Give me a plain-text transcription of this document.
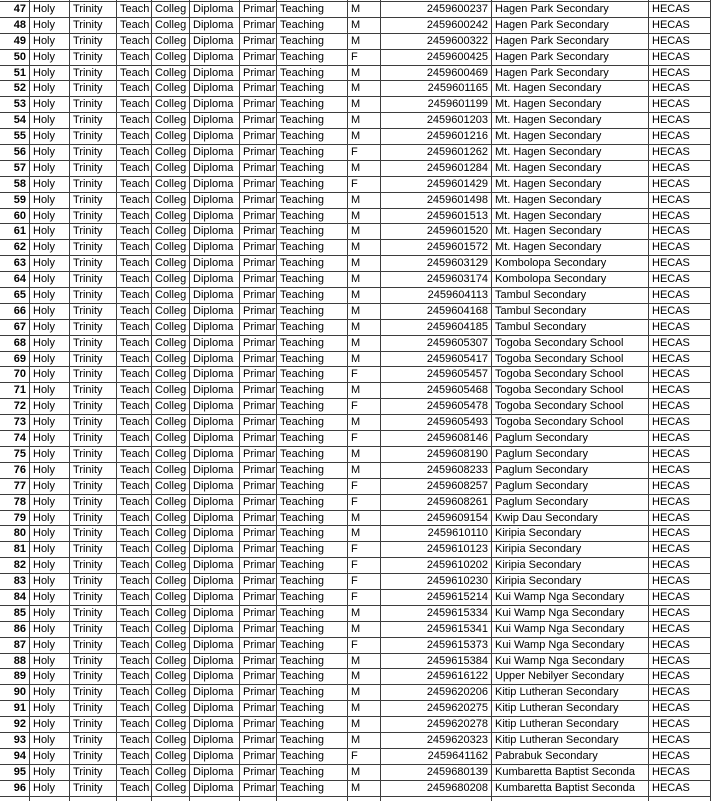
47 Holy	Trinity	Teach Colleg Diploma Primar Teaching	M	2459600237 Hagen Park Secondary	HECAS
48 Holy	Trinity	Teach Colleg Diploma Primar Teaching	M	2459600242 Hagen Park Secondary	HECAS
49 Holy	Trinity	Teach Colleg Diploma Primar Teaching	M	2459600322 Hagen Park Secondary	HECAS
50 Holy	Trinity	Teach Colleg Diploma Primar Teaching	F	2459600425 Hagen Park Secondary	HECAS
51 Holy	Trinity	Teach Colleg Diploma Primar Teaching	M	2459600469 Hagen Park Secondary	HECAS
52 Holy	Trinity	Teach Colleg Diploma Primar Teaching	M	2459601165 Mt. Hagen Secondary	HECAS
53 Holy	Trinity	Teach Colleg Diploma Primar Teaching	M	2459601199 Mt. Hagen Secondary	HECAS
54 Holy	Trinity	Teach Colleg Diploma Primar Teaching	M	2459601203 Mt. Hagen Secondary	HECAS
55 Holy	Trinity	Teach Colleg Diploma Primar Teaching	M	2459601216 Mt. Hagen Secondary	HECAS
56 Holy	Trinity	Teach Colleg Diploma Primar Teaching	F	2459601262 Mt. Hagen Secondary	HECAS
57 Holy	Trinity	Teach Colleg Diploma Primar Teaching	M	2459601284 Mt. Hagen Secondary	HECAS
58 Holy	Trinity	Teach Colleg Diploma Primar Teaching	F	2459601429 Mt. Hagen Secondary	HECAS
59 Holy	Trinity	Teach Colleg Diploma Primar Teaching	M	2459601498 Mt. Hagen Secondary	HECAS
60 Holy	Trinity	Teach Colleg Diploma Primar Teaching	M	2459601513 Mt. Hagen Secondary	HECAS
61 Holy	Trinity	Teach Colleg Diploma Primar Teaching	M	2459601520 Mt. Hagen Secondary	HECAS
62 Holy	Trinity	Teach Colleg Diploma Primar Teaching	M	2459601572 Mt. Hagen Secondary	HECAS
63 Holy	Trinity	Teach Colleg Diploma Primar Teaching	M	2459603129 Kombolopa Secondary	HECAS
64 Holy	Trinity	Teach Colleg Diploma Primar Teaching	M	2459603174 Kombolopa Secondary	HECAS
65 Holy	Trinity	Teach Colleg Diploma Primar Teaching	M	2459604113 Tambul Secondary	HECAS
66 Holy	Trinity	Teach Colleg Diploma Primar Teaching	M	2459604168 Tambul Secondary	HECAS
67 Holy	Trinity	Teach Colleg Diploma Primar Teaching	M	2459604185 Tambul Secondary	HECAS
68 Holy	Trinity	Teach Colleg Diploma Primar Teaching	M	2459605307 Togoba Secondary School	HECAS
69 Holy	Trinity	Teach Colleg Diploma Primar Teaching	M	2459605417 Togoba Secondary School	HECAS
70 Holy	Trinity	Teach Colleg Diploma Primar Teaching	F	2459605457 Togoba Secondary School	HECAS
71 Holy	Trinity	Teach Colleg Diploma Primar Teaching	M	2459605468 Togoba Secondary School	HECAS
72 Holy	Trinity	Teach Colleg Diploma Primar Teaching	F	2459605478 Togoba Secondary School	HECAS
73 Holy	Trinity	Teach Colleg Diploma Primar Teaching	M	2459605493 Togoba Secondary School	HECAS
74 Holy	Trinity	Teach Colleg Diploma Primar Teaching	F	2459608146 Paglum Secondary	HECAS
75 Holy	Trinity	Teach Colleg Diploma Primar Teaching	M	2459608190 Paglum Secondary	HECAS
76 Holy	Trinity	Teach Colleg Diploma Primar Teaching	M	2459608233 Paglum Secondary	HECAS
77 Holy	Trinity	Teach Colleg Diploma Primar Teaching	F	2459608257 Paglum Secondary	HECAS
78 Holy	Trinity	Teach Colleg Diploma Primar Teaching	F	2459608261 Paglum Secondary	HECAS
79 Holy	Trinity	Teach Colleg Diploma Primar Teaching	M	2459609154 Kwip Dau Secondary	HECAS
80 Holy	Trinity	Teach Colleg Diploma Primar Teaching	M	2459610110 Kiripia Secondary	HECAS
81 Holy	Trinity	Teach Colleg Diploma Primar Teaching	F	2459610123 Kiripia Secondary	HECAS
82 Holy	Trinity	Teach Colleg Diploma Primar Teaching	F	2459610202 Kiripia Secondary	HECAS
83 Holy	Trinity	Teach Colleg Diploma Primar Teaching	F	2459610230 Kiripia Secondary	HECAS
84 Holy	Trinity	Teach Colleg Diploma Primar Teaching	F	2459615214 Kui Wamp Nga Secondary	HECAS
85 Holy	Trinity	Teach Colleg Diploma Primar Teaching	M	2459615334 Kui Wamp Nga Secondary	HECAS
86 Holy	Trinity	Teach Colleg Diploma Primar Teaching	M	2459615341 Kui Wamp Nga Secondary	HECAS
87 Holy	Trinity	Teach Colleg Diploma Primar Teaching	F	2459615373 Kui Wamp Nga Secondary	HECAS
88 Holy	Trinity	Teach Colleg Diploma Primar Teaching	M	2459615384 Kui Wamp Nga Secondary	HECAS
89 Holy	Trinity	Teach Colleg Diploma Primar Teaching	M	2459616122 Upper Nebilyer Secondary	HECAS
90 Holy	Trinity	Teach Colleg Diploma Primar Teaching	M	2459620206 Kitip Lutheran Secondary	HECAS
91 Holy	Trinity	Teach Colleg Diploma Primar Teaching	M	2459620275 Kitip Lutheran Secondary	HECAS
92 Holy	Trinity	Teach Colleg Diploma Primar Teaching	M	2459620278 Kitip Lutheran Secondary	HECAS
93 Holy	Trinity	Teach Colleg Diploma Primar Teaching	M	2459620323 Kitip Lutheran Secondary	HECAS
94 Holy	Trinity	Teach Colleg Diploma Primar Teaching	F	2459641162 Pabrabuk Secondary	HECAS
95 Holy	Trinity	Teach Colleg Diploma Primar Teaching	M	2459680139 Kumbaretta Baptist Seconda	HECAS
96 Holy	Trinity	Teach Colleg Diploma Primar Teaching	M	2459680208 Kumbaretta Baptist Seconda	HECAS
